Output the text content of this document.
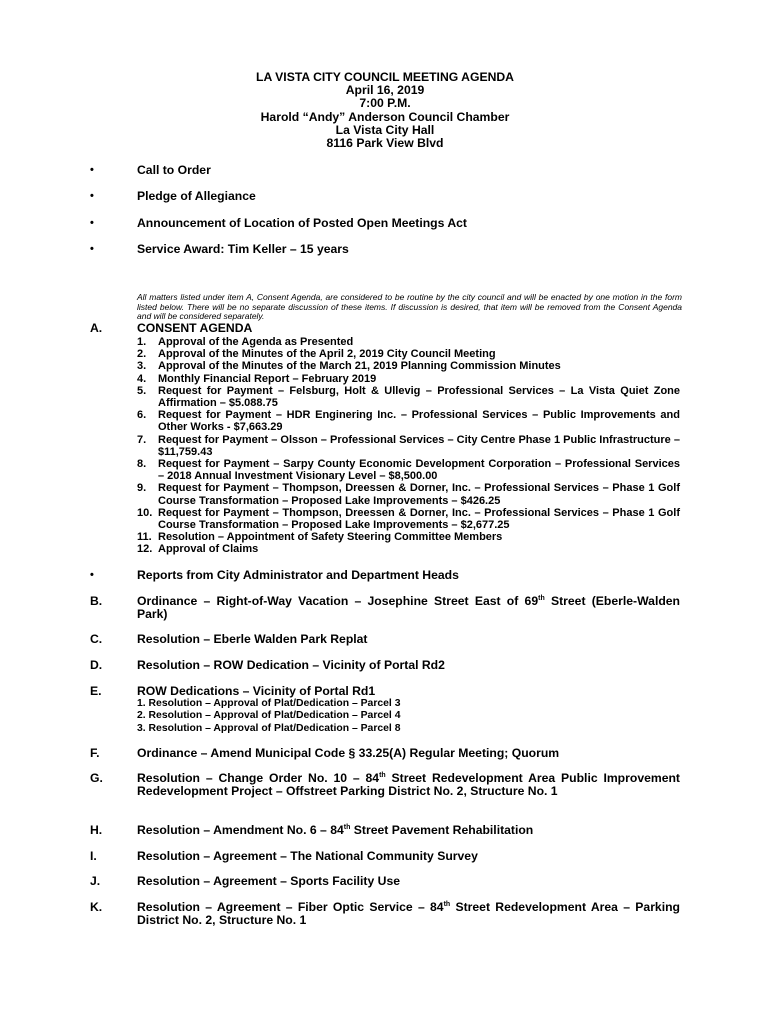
LA VISTA CITY COUNCIL MEETING AGENDA
April 16, 2019
7:00 P.M.
Harold “Andy” Anderson Council Chamber
La Vista City Hall
8116 Park View Blvd
•	Call to Order
•	Pledge of Allegiance
•	Announcement of Location of Posted Open Meetings Act
•	Service Award: Tim Keller – 15 years
All matters listed under item A, Consent Agenda, are considered to be routine by the city council and will be enacted by one motion in the form listed below. There will be no separate discussion of these items. If discussion is desired, that item will be removed from the Consent Agenda and will be considered separately.
A.	CONSENT AGENDA
1. Approval of the Agenda as Presented
2. Approval of the Minutes of the April 2, 2019 City Council Meeting
3. Approval of the Minutes of the March 21, 2019 Planning Commission Minutes
4. Monthly Financial Report – February 2019
5. Request for Payment – Felsburg, Holt & Ullevig – Professional Services – La Vista Quiet Zone Affirmation – $5.088.75
6. Request for Payment – HDR Enginering Inc. – Professional Services – Public Improvements and Other Works - $7,663.29
7. Request for Payment – Olsson – Professional Services – City Centre Phase 1 Public Infrastructure – $11,759.43
8. Request for Payment – Sarpy County Economic Development Corporation – Professional Services – 2018 Annual Investment Visionary Level – $8,500.00
9. Request for Payment – Thompson, Dreessen & Dorner, Inc. – Professional Services – Phase 1 Golf Course Transformation – Proposed Lake Improvements – $426.25
10. Request for Payment – Thompson, Dreessen & Dorner, Inc. – Professional Services – Phase 1 Golf Course Transformation – Proposed Lake Improvements – $2,677.25
11. Resolution – Appointment of Safety Steering Committee Members
12. Approval of Claims
•	Reports from City Administrator and Department Heads
B.	Ordinance – Right-of-Way Vacation – Josephine Street East of 69th Street (Eberle-Walden Park)
C.	Resolution – Eberle Walden Park Replat
D.	Resolution – ROW Dedication – Vicinity of Portal Rd2
E.	ROW Dedications – Vicinity of Portal Rd1
1. Resolution – Approval of Plat/Dedication – Parcel 3
2. Resolution – Approval of Plat/Dedication – Parcel 4
3. Resolution – Approval of Plat/Dedication – Parcel 8
F.	Ordinance – Amend Municipal Code § 33.25(A) Regular Meeting; Quorum
G.	Resolution – Change Order No. 10 – 84th Street Redevelopment Area Public Improvement Redevelopment Project – Offstreet Parking District No. 2, Structure No. 1
H.	Resolution – Amendment No. 6 – 84th Street Pavement Rehabilitation
I.	Resolution – Agreement – The National Community Survey
J.	Resolution – Agreement – Sports Facility Use
K.	Resolution – Agreement – Fiber Optic Service – 84th Street Redevelopment Area – Parking District No. 2, Structure No. 1
